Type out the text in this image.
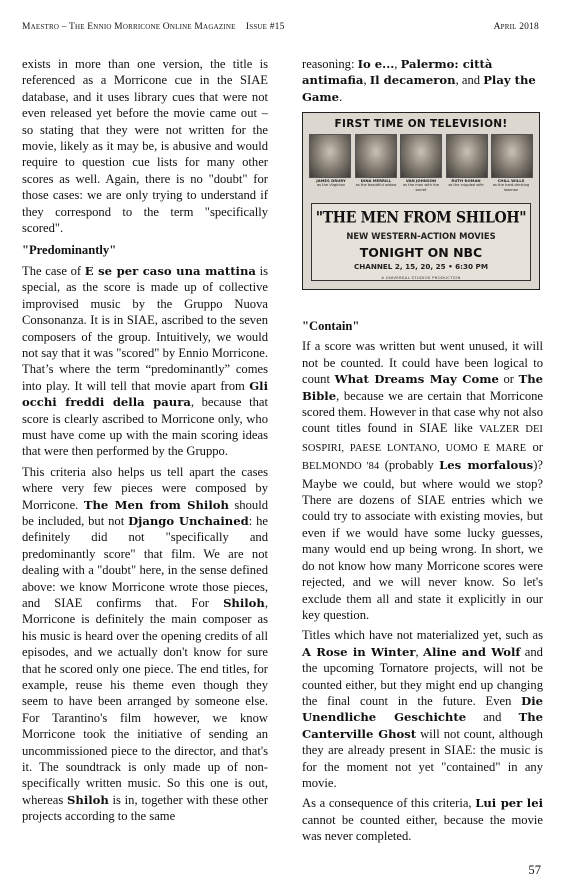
Maestro – The Ennio Morricone Online Magazine    Issue #15	April 2018

exists in more than one version, the title is referenced as a Morricone cue in the SIAE database, and it uses library cues that were not even released yet before the movie came out – so stating that they were not written for the movie, likely as it may be, is abusive and would require to question cue lists for many other scores as well. Again, there is no "doubt" for those cases: we are only trying to understand if they correspond to the term "specifically scored".

"Predominantly"

The case of E se per caso una mattina is special, as the score is made up of collective improvised music by the Gruppo Nuova Consonanza. It is in SIAE, ascribed to the seven composers of the group. Intuitively, we would not say that it was "scored" by Ennio Morricone. That’s where the term “predominantly” comes into play. It will tell that movie apart from Gli occhi freddi della paura, because that score is clearly ascribed to Morricone only, who must have come up with the main scoring ideas that were then performed by the Gruppo.

This criteria also helps us tell apart the cases where very few pieces were composed by Morricone. The Men from Shiloh should be included, but not Django Unchained: he definitely did not "specifically and predominantly score" that film. We are not dealing with a "doubt" here, in the sense defined above: we know Morricone wrote those pieces, and SIAE confirms that. For Shiloh, Morricone is definitely the main composer as his music is heard over the opening credits of all episodes, and we actually don't know for sure that he scored only one piece. The end titles, for example, reuse his theme even though they seem to have been arranged by someone else. For Tarantino's film however, we know Morricone took the initiative of sending an uncommissioned piece to the director, and that's it. The soundtrack is only made up of non-specifically written music. So this one is out, whereas Shiloh is in, together with these other projects according to the same

reasoning: Io e..., Palermo: città antimafia, Il decameron, and Play the Game.

FIRST TIME ON TELEVISION!
JAMES DRURY
as the Virginian
DINA MERRILL
as the beautiful widow
VAN JOHNSON
as the man with the secret
RUTH ROMAN
as the crippled wife
CHILL WILLS
as the hard-drinking lawman
"THE MEN FROM SHILOH"
NEW WESTERN-ACTION MOVIES
TONIGHT ON NBC
CHANNEL 2, 15, 20, 25 • 6:30 PM
A UNIVERSAL STUDIOS PRODUCTION
"Contain"

If a score was written but went unused, it will not be counted. It could have been logical to count What Dreams May Come or The Bible, because we are certain that Morricone scored them. However in that case why not also count titles found in SIAE like VALZER DEI SOSPIRI, PAESE LONTANO, UOMO E MARE or BELMONDO '84 (probably Les morfalous)? Maybe we could, but where would we stop? There are dozens of SIAE entries which we could try to associate with existing movies, but even if we would have some lucky guesses, many would end up being wrong. In short, we do not know how many Morricone scores were rejected, and we will never know. So let's exclude them all and state it explicitly in our key question.

Titles which have not materialized yet, such as A Rose in Winter, Aline and Wolf and the upcoming Tornatore projects, will not be counted either, but they might end up changing the final count in the future. Even Die Unendliche Geschichte and The Canterville Ghost will not count, although they are already present in SIAE: the music is for the moment not yet "contained" in any movie.

As a consequence of this criteria, Lui per lei cannot be counted either, because the movie was never completed.

57
